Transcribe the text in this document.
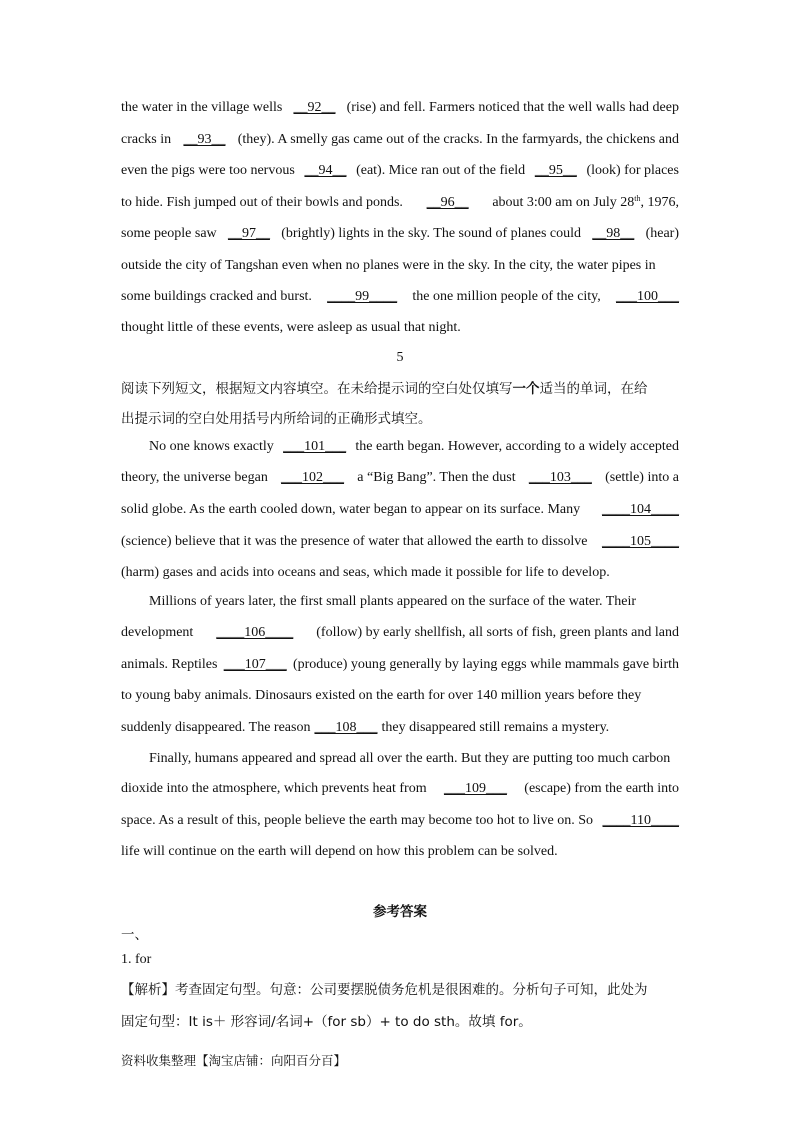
the water in the village wells __92__ (rise) and fell. Farmers noticed that the well walls had deep
cracks in __93__ (they). A smelly gas came out of the cracks. In the farmyards, the chickens and
even the pigs were too nervous __94__ (eat). Mice ran out of the field __95__ (look) for places
to hide. Fish jumped out of their bowls and ponds. __96__ about 3:00 am on July 28th, 1976,
some people saw __97__ (brightly) lights in the sky. The sound of planes could __98__ (hear)
outside the city of Tangshan even when no planes were in the sky. In the city, the water pipes in
some buildings cracked and burst. ____99____ the one million people of the city, ___100___
thought little of these events, were asleep as usual that night.
5
阅读下列短文，根据短文内容填空。在未给提示词的空白处仅填写一个适当的单词，在给
出提示词的空白处用括号内所给词的正确形式填空。
No one knows exactly ___101___ the earth began. However, according to a widely accepted
theory, the universe began ___102___ a “Big Bang”. Then the dust ___103___ (settle) into a
solid globe. As the earth cooled down, water began to appear on its surface. Many ____104____
(science) believe that it was the presence of water that allowed the earth to dissolve ____105____
(harm) gases and acids into oceans and seas, which made it possible for life to develop.
Millions of years later, the first small plants appeared on the surface of the water. Their
development ____106____ (follow) by early shellfish, all sorts of fish, green plants and land
animals. Reptiles ___107___ (produce) young generally by laying eggs while mammals gave birth
to young baby animals. Dinosaurs existed on the earth for over 140 million years before they
suddenly disappeared. The reason ___108___ they disappeared still remains a mystery.
Finally, humans appeared and spread all over the earth. But they are putting too much carbon
dioxide into the atmosphere, which prevents heat from ___109___ (escape) from the earth into
space. As a result of this, people believe the earth may become too hot to live on. So ____110____
life will continue on the earth will depend on how this problem can be solved.
参考答案
一、
1. for
【解析】考查固定句型。句意：公司要摆脱债务危机是很困难的。分析句子可知，此处为
固定句型：It is＋ 形容词/名词+（for sb）+ to do sth。故填 for。
资料收集整理【淘宝店铺：向阳百分百】
